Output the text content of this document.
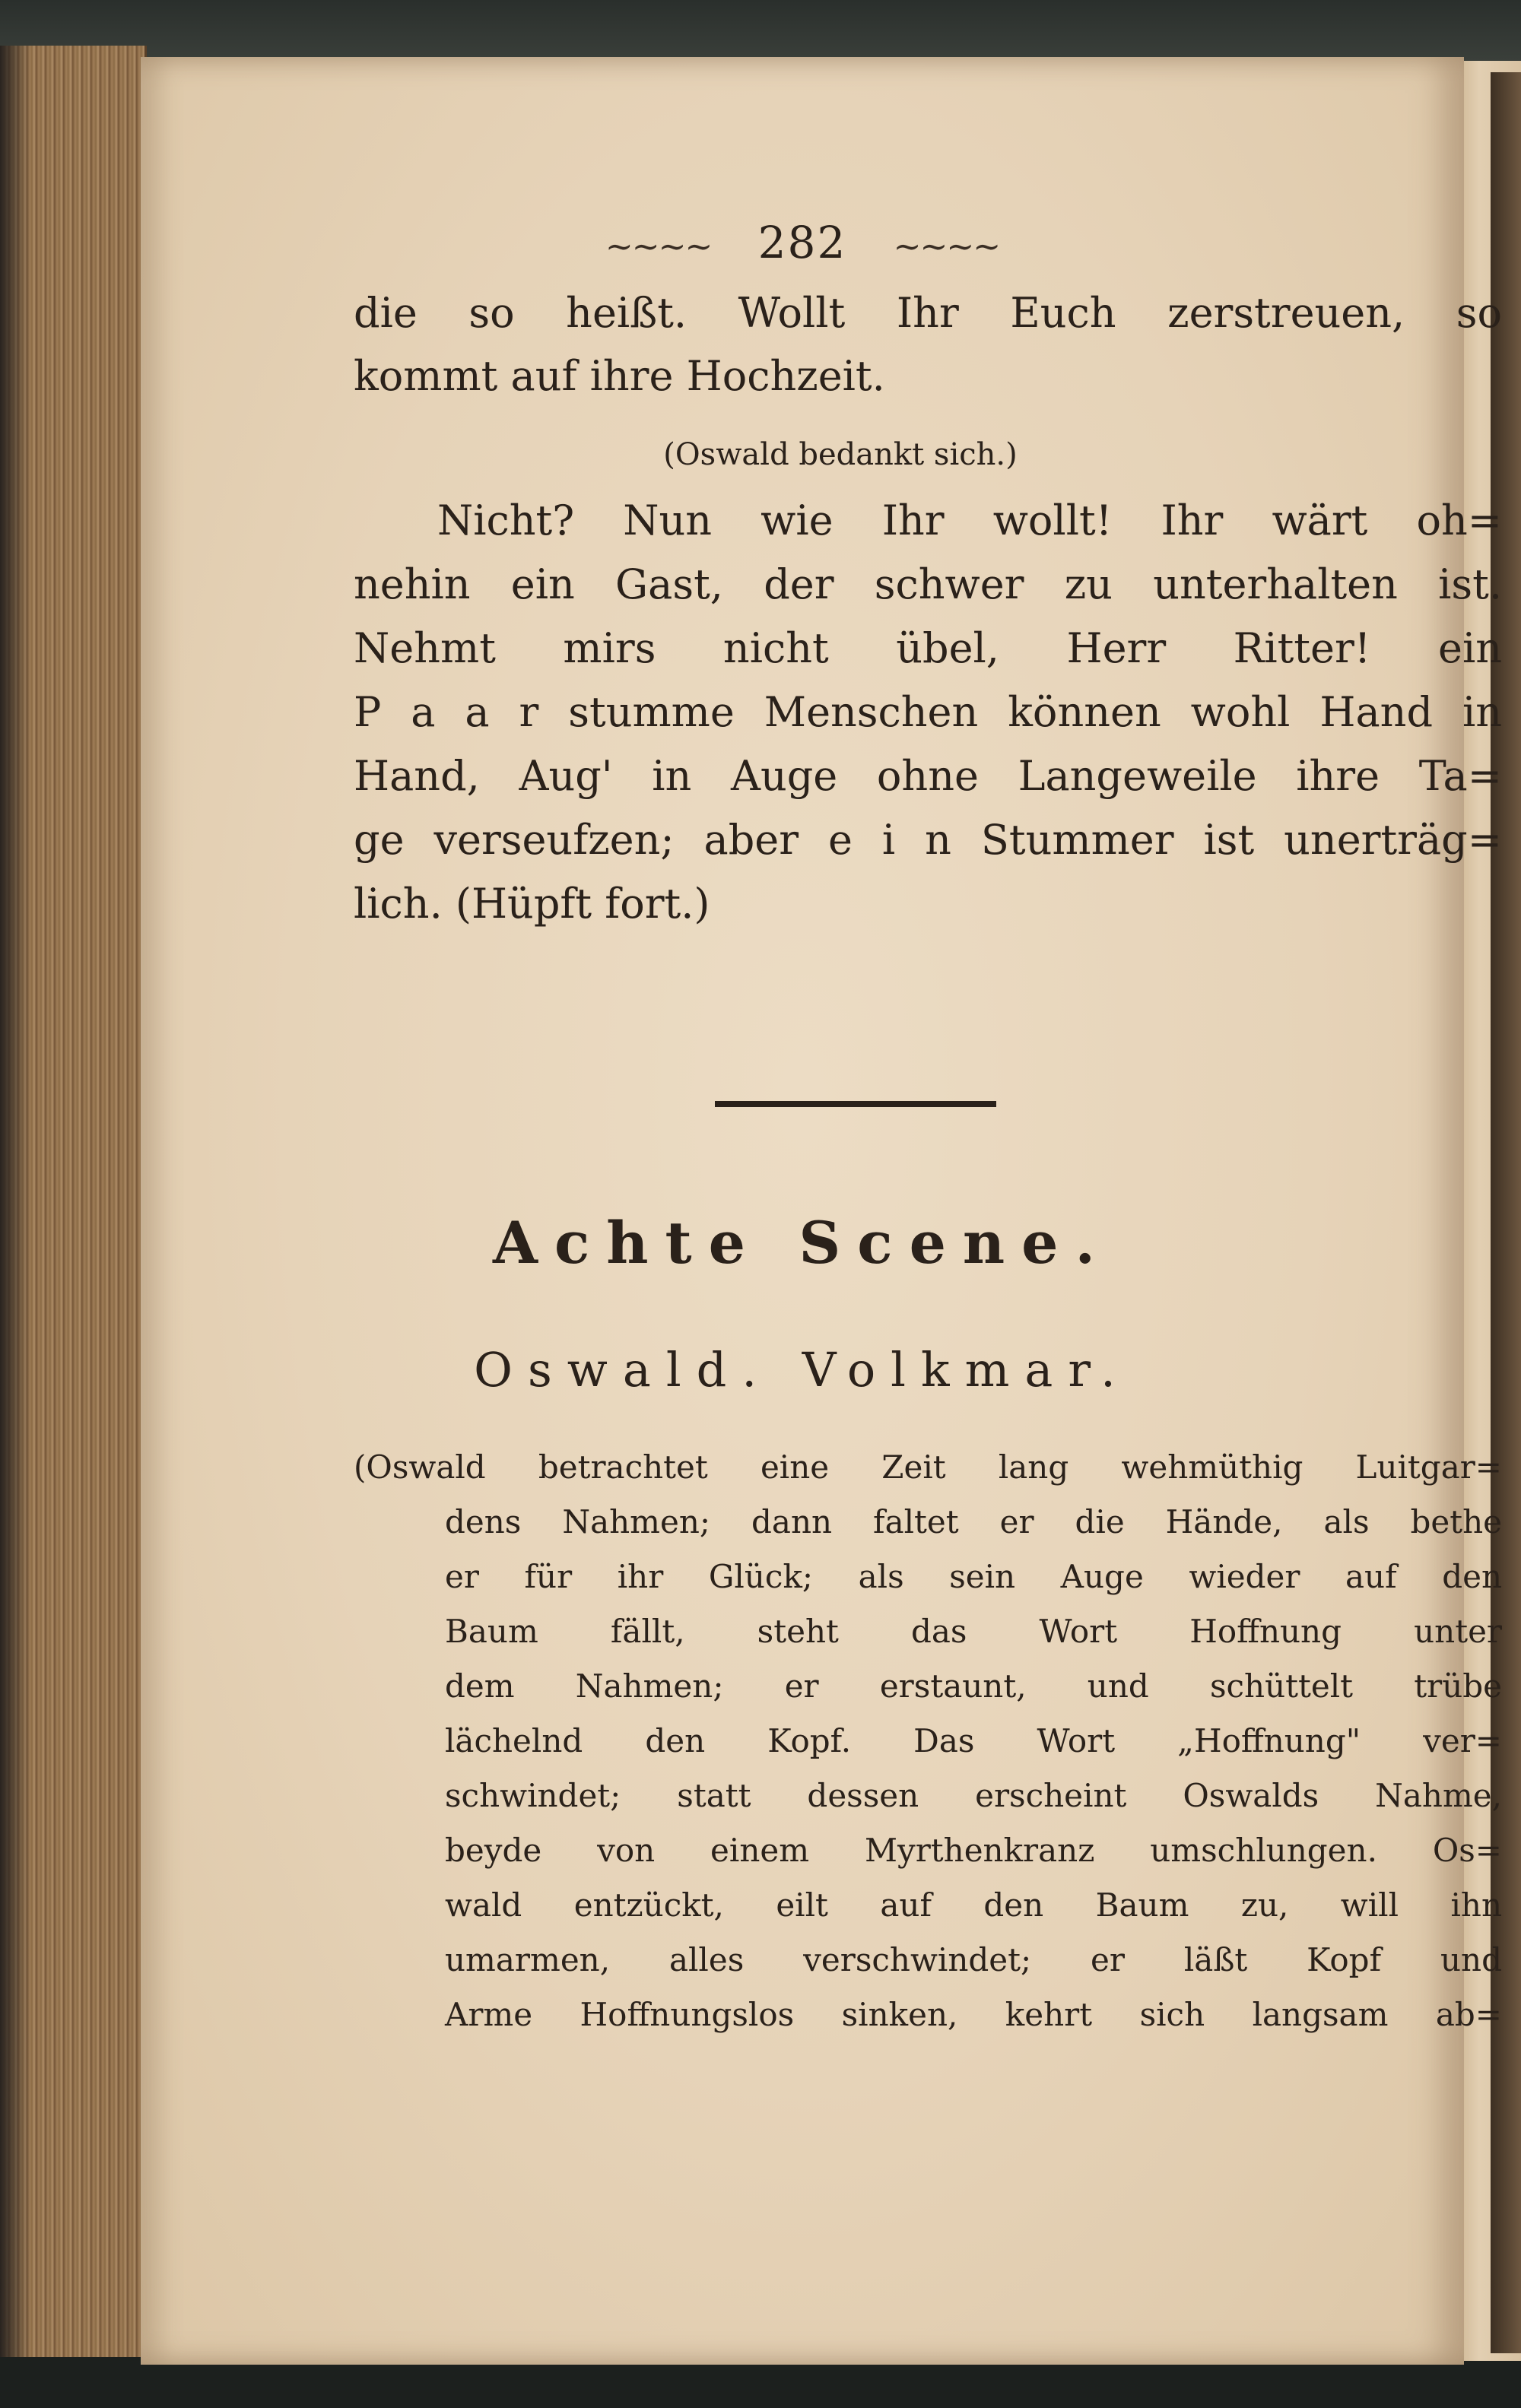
~~~~ 282 ~~~~
die so heißt. Wollt Ihr Euch zerstreuen, so
kommt auf ihre Hochzeit.
(Oswald bedankt sich.)
Nicht? Nun wie Ihr wollt! Ihr wärt oh=
nehin ein Gast, der schwer zu unterhalten ist.
Nehmt mirs nicht übel, Herr Ritter! ein
P a a r stumme Menschen können wohl Hand in
Hand, Aug' in Auge ohne Langeweile ihre Ta=
ge verseufzen; aber e i n Stummer ist unerträg=
lich. (Hüpft fort.)
Achte Scene.
Oswald. Volkmar.
(Oswald betrachtet eine Zeit lang wehmüthig Luitgar=
dens Nahmen; dann faltet er die Hände, als bethe
er für ihr Glück; als sein Auge wieder auf den
Baum fällt, steht das Wort Hoffnung unter
dem Nahmen; er erstaunt, und schüttelt trübe
lächelnd den Kopf. Das Wort „Hoffnung" ver=
schwindet; statt dessen erscheint Oswalds Nahme,
beyde von einem Myrthenkranz umschlungen. Os=
wald entzückt, eilt auf den Baum zu, will ihn
umarmen, alles verschwindet; er läßt Kopf und
Arme Hoffnungslos sinken, kehrt sich langsam ab=
